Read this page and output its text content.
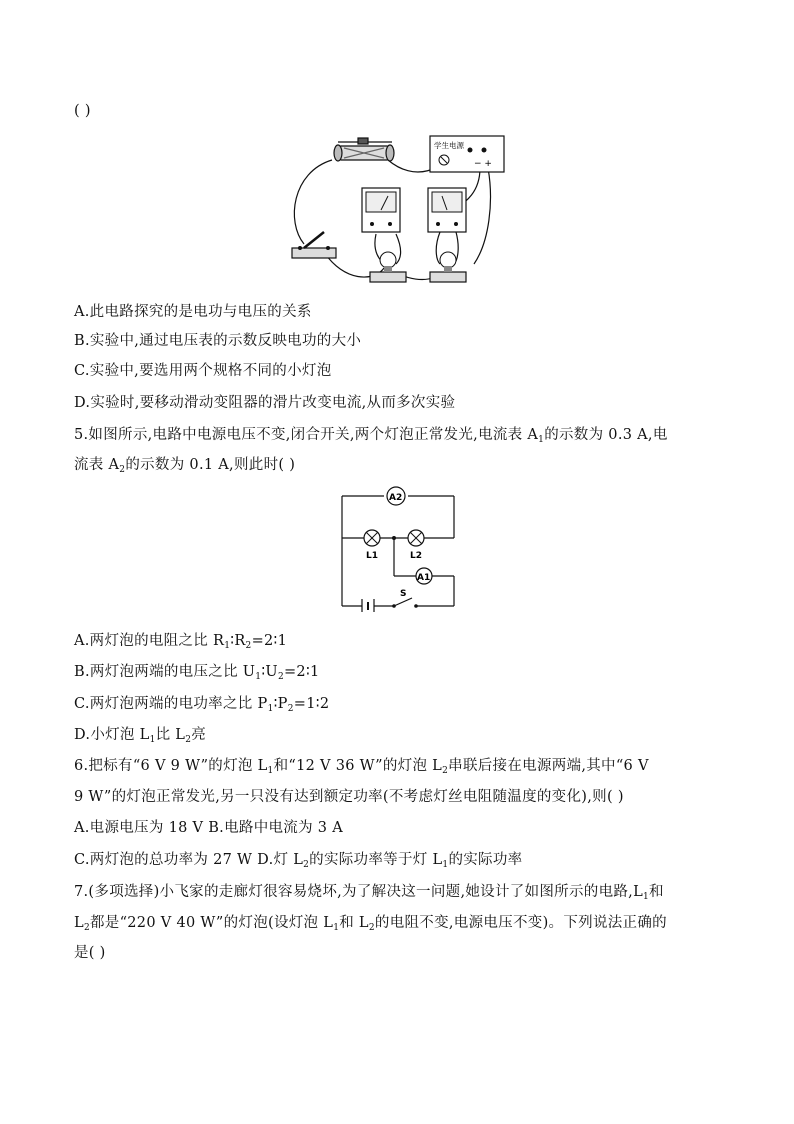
( )
学生电源
− +
A.此电路探究的是电功与电压的关系
B.实验中,通过电压表的示数反映电功的大小
C.实验中,要选用两个规格不同的小灯泡
D.实验时,要移动滑动变阻器的滑片改变电流,从而多次实验
5.如图所示,电路中电源电压不变,闭合开关,两个灯泡正常发光,电流表 $A_1$的示数为 0.3 A,电
流表 $A_2$的示数为 0.1 A,则此时( )
A2
L1	L2
A1
S
A.两灯泡的电阻之比 $R_1∶R_2=2∶1$
B.两灯泡两端的电压之比 $U_1∶U_2=2∶1$
C.两灯泡两端的电功率之比 $P_1∶P_2=1∶2$
D.小灯泡 $L_1$比 $L_2$亮
6.把标有“6 V 9 W”的灯泡 $L_1$和“12 V 36 W”的灯泡 $L_2$串联后接在电源两端,其中“6 V
9 W”的灯泡正常发光,另一只没有达到额定功率(不考虑灯丝电阻随温度的变化),则( )
A.电源电压为 18 V B.电路中电流为 3 A
C.两灯泡的总功率为 27 W D.灯 $L_2$的实际功率等于灯 $L_1$的实际功率
7.(多项选择)小飞家的走廊灯很容易烧坏,为了解决这一问题,她设计了如图所示的电路$,L_1$和
$L_2$都是“220 V 40 W”的灯泡(设灯泡 $L_1$和 $L_2$的电阻不变,电源电压不变)。下列说法正确的
是( )
